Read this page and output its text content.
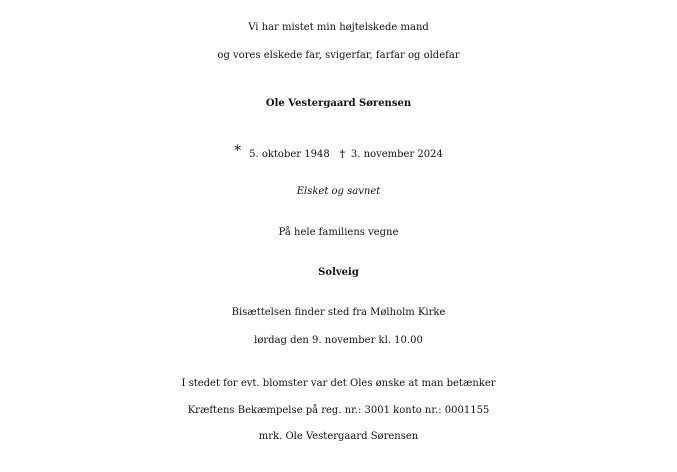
Vi har mistet min højtelskede mand
og vores elskede far, svigerfar, farfar og oldefar
Ole Vestergaard Sørensen
* 5. oktober 1948 † 3. november 2024
Elsket og savnet
På hele familiens vegne
Solveig
Bisættelsen finder sted fra Mølholm Kirke
lørdag den 9. november kl. 10.00
I stedet for evt. blomster var det Oles ønske at man betænker
Kræftens Bekæmpelse på reg. nr.: 3001 konto nr.: 0001155
mrk. Ole Vestergaard Sørensen
